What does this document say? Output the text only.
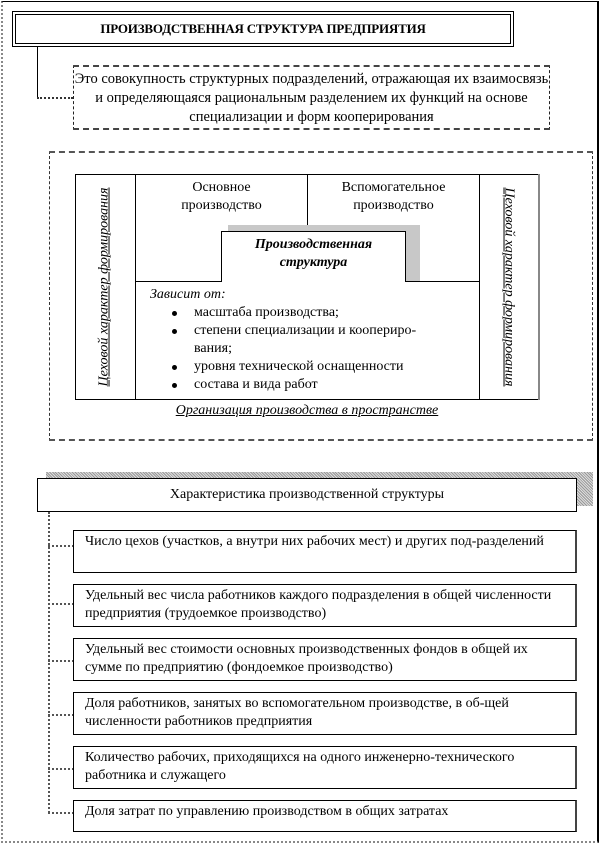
ПРОИЗВОДСТВЕННАЯ СТРУКТУРА ПРЕДПРИЯТИЯ
Это совокупность структурных подразделений, отражающая их взаимосвязь и определяющаяся рациональным разделением их функций на основе специализации и форм кооперирования
Цеховой характер формирования	Цеховой характер формирования
Основное производство
Вспомогательное производство
Производственная структура
Зависит от:
масштаба производства;
степени специализации и коопериро-вания;
уровня технической оснащенности
состава и вида работ
Организация производства в пространстве
Характеристика производственной структуры
Число цехов (участков, а внутри них рабочих мест) и других под-разделений
Удельный вес числа работников каждого подразделения в общей численности предприятия (трудоемкое производство)
Удельный вес стоимости основных производственных фондов в общей их сумме по предприятию (фондоемкое производство)
Доля работников, занятых во вспомогательном производстве, в об-щей численности работников предприятия
Количество рабочих, приходящихся на одного инженерно-технического работника и служащего
Доля затрат по управлению производством в общих затратах
